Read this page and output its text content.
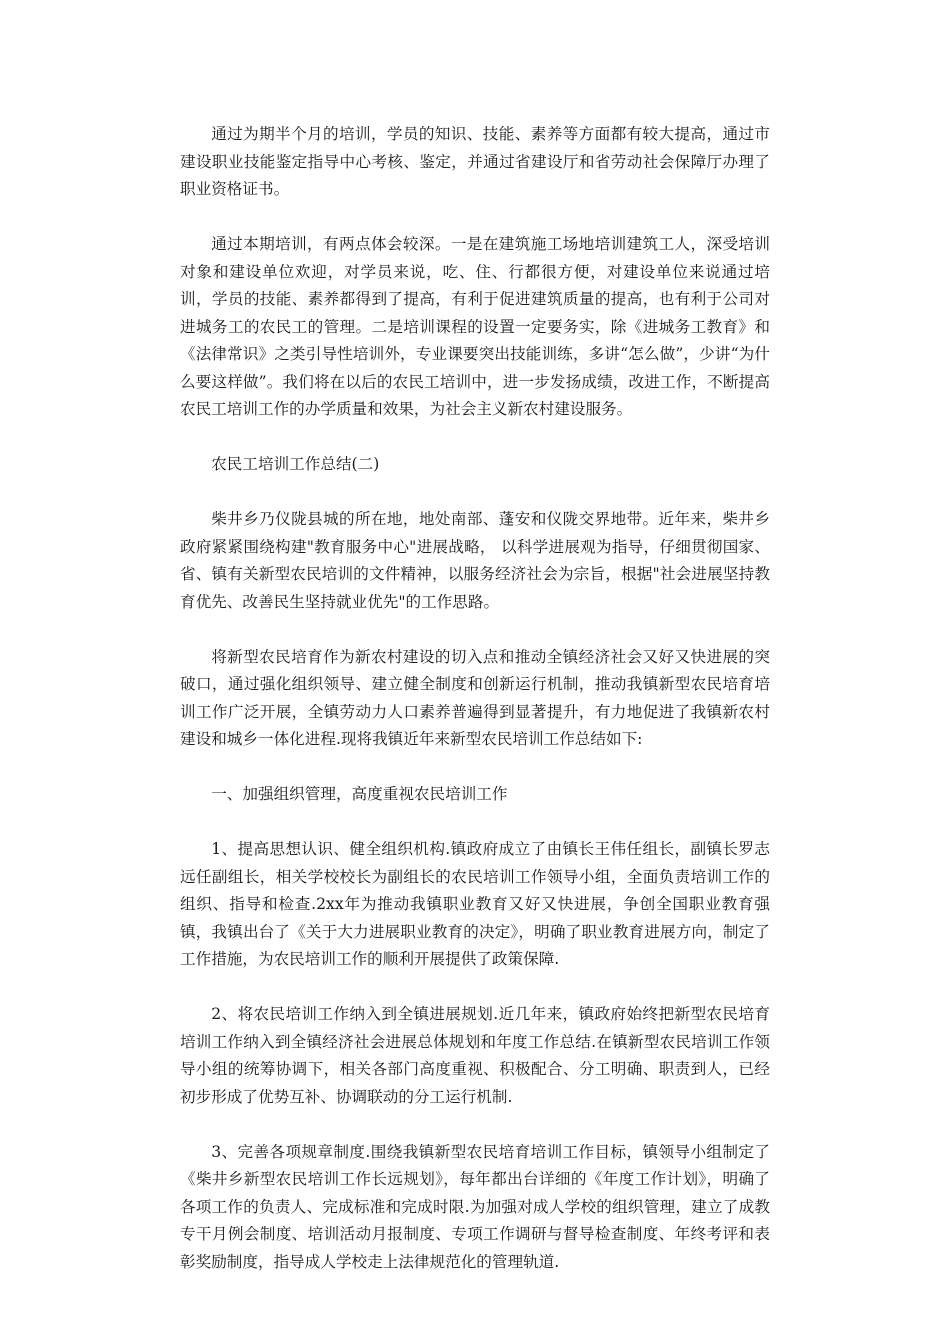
通过为期半个月的培训，学员的知识、技能、素养等方面都有较大提高，通过市建设职业技能鉴定指导中心考核、鉴定，并通过省建设厅和省劳动社会保障厅办理了职业资格证书。

通过本期培训，有两点体会较深。一是在建筑施工场地培训建筑工人，深受培训对象和建设单位欢迎，对学员来说，吃、住、行都很方便，对建设单位来说通过培训，学员的技能、素养都得到了提高，有利于促进建筑质量的提高，也有利于公司对进城务工的农民工的管理。二是培训课程的设置一定要务实，除《进城务工教育》和《法律常识》之类引导性培训外，专业课要突出技能训练，多讲“怎么做”，少讲“为什么要这样做”。我们将在以后的农民工培训中，进一步发扬成绩，改进工作，不断提高农民工培训工作的办学质量和效果，为社会主义新农村建设服务。

农民工培训工作总结(二)

柴井乡乃仪陇县城的所在地，地处南部、蓬安和仪陇交界地带。近年来，柴井乡政府紧紧围绕构建"教育服务中心"进展战略， 以科学进展观为指导，仔细贯彻国家、省、镇有关新型农民培训的文件精神，以服务经济社会为宗旨，根据"社会进展坚持教育优先、改善民生坚持就业优先"的工作思路。

将新型农民培育作为新农村建设的切入点和推动全镇经济社会又好又快进展的突破口，通过强化组织领导、建立健全制度和创新运行机制，推动我镇新型农民培育培训工作广泛开展，全镇劳动力人口素养普遍得到显著提升，有力地促进了我镇新农村建设和城乡一体化进程.现将我镇近年来新型农民培训工作总结如下:

一、加强组织管理，高度重视农民培训工作

1、提高思想认识、健全组织机构.镇政府成立了由镇长王伟任组长，副镇长罗志远任副组长，相关学校校长为副组长的农民培训工作领导小组，全面负责培训工作的组织、指导和检查.2xx年为推动我镇职业教育又好又快进展，争创全国职业教育强镇，我镇出台了《关于大力进展职业教育的决定》，明确了职业教育进展方向，制定了工作措施，为农民培训工作的顺利开展提供了政策保障.

2、将农民培训工作纳入到全镇进展规划.近几年来，镇政府始终把新型农民培育培训工作纳入到全镇经济社会进展总体规划和年度工作总结.在镇新型农民培训工作领导小组的统筹协调下，相关各部门高度重视、积极配合、分工明确、职责到人，已经初步形成了优势互补、协调联动的分工运行机制.

3、完善各项规章制度.围绕我镇新型农民培育培训工作目标，镇领导小组制定了《柴井乡新型农民培训工作长远规划》，每年都出台详细的《年度工作计划》，明确了各项工作的负责人、完成标准和完成时限.为加强对成人学校的组织管理，建立了成教专干月例会制度、培训活动月报制度、专项工作调研与督导检查制度、年终考评和表彰奖励制度，指导成人学校走上法律规范化的管理轨道.
